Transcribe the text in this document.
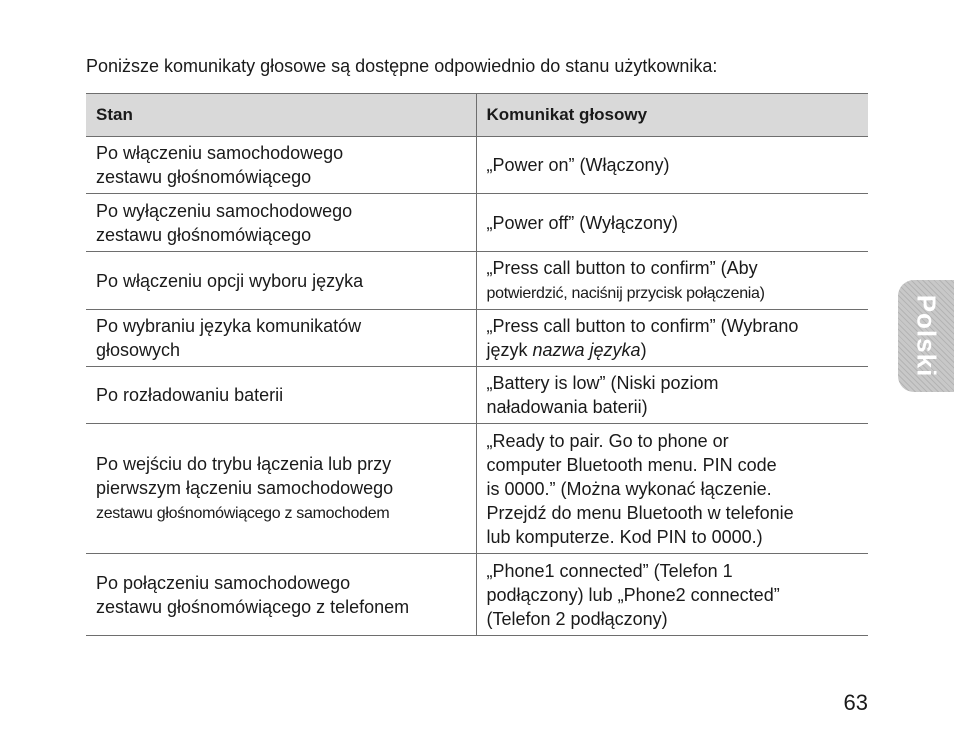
Poniższe komunikaty głosowe są dostępne odpowiednio do stanu użytkownika:
Stan	Komunikat głosowy

Po włączeniu samochodowego
zestawu głośnomówiącego	„Power on” (Włączony)

Po wyłączeniu samochodowego
zestawu głośnomówiącego	„Power off” (Wyłączony)

Po włączeniu opcji wyboru języka	„Press call button to confirm” (Aby
potwierdzić, naciśnij przycisk połączenia)

Po wybraniu języka komunikatów
głosowych	„Press call button to confirm” (Wybrano
język nazwa języka)

Po rozładowaniu baterii	„Battery is low” (Niski poziom
naładowania baterii)

Po wejściu do trybu łączenia lub przy
pierwszym łączeniu samochodowego
zestawu głośnomówiącego z samochodem	„Ready to pair. Go to phone or
computer Bluetooth menu. PIN code
is 0000.” (Można wykonać łączenie.
Przejdź do menu Bluetooth w telefonie
lub komputerze. Kod PIN to 0000.)

Po połączeniu samochodowego
zestawu głośnomówiącego z telefonem	„Phone1 connected” (Telefon 1
podłączony) lub „Phone2 connected”
(Telefon 2 podłączony)
Polski
63
